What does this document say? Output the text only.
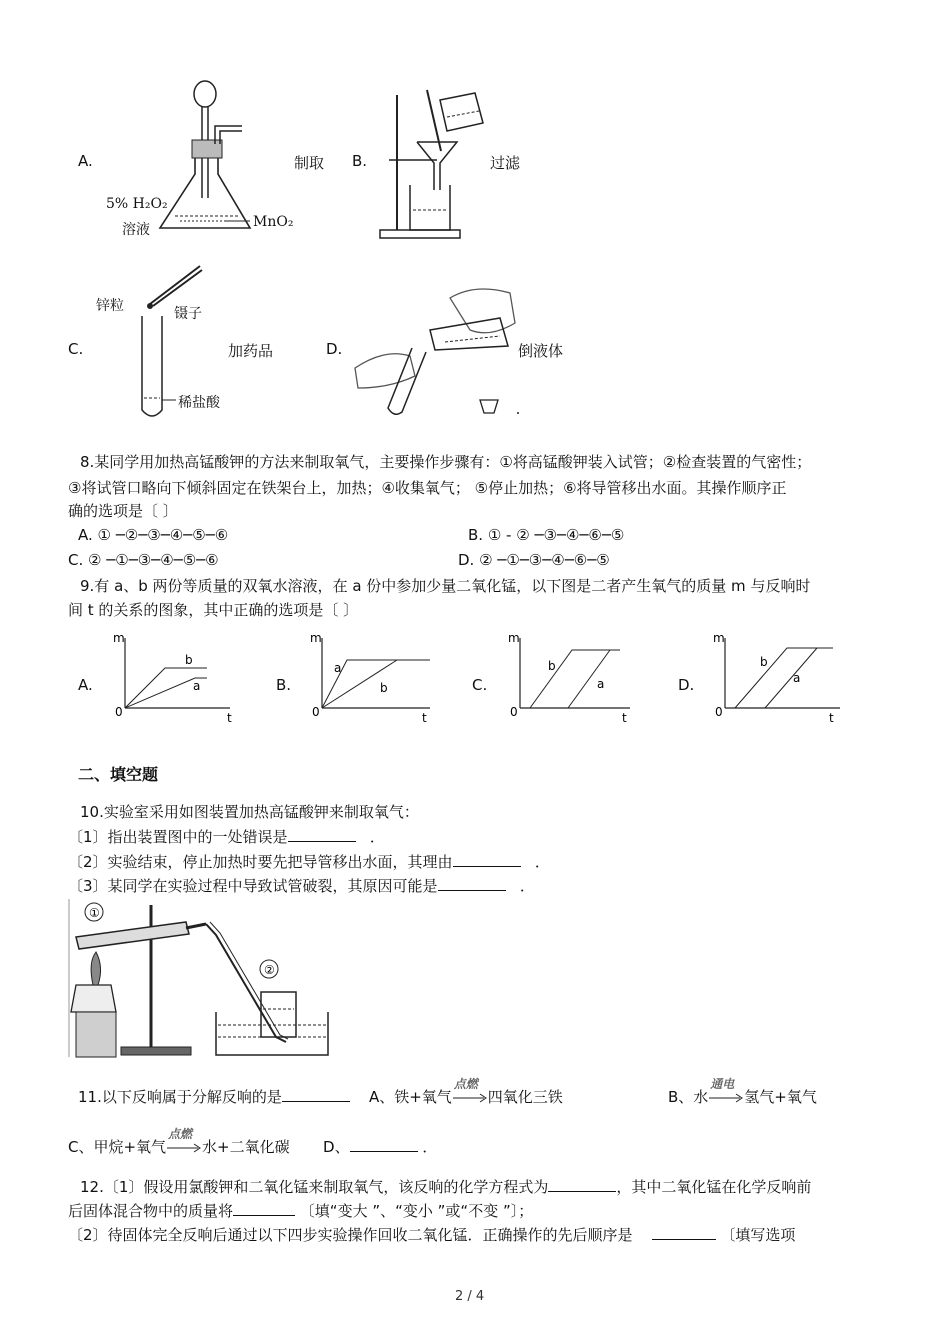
A.
5% H₂O₂
溶液	MnO₂
制取 B.	过滤
C.
锌粒	镊子
稀盐酸
加药品	D.	倒液体
8.某同学用加热高锰酸钾的方法来制取氧气，主要操作步骤有：①将高锰酸钾装入试管；②检查装置的气密性；
③将试管口略向下倾斜固定在铁架台上，加热；④收集氧气； ⑤停止加热；⑥将导管移出水面。其操作顺序正
确的选项是〔 〕
A. ① ─②─③─④─⑤─⑥	B. ① - ② ─③─④─⑥─⑤
C. ② ─①─③─④─⑤─⑥	D. ② ─①─③─④─⑥─⑤
9.有 a、b 两份等质量的双氧水溶液，在 a 份中参加少量二氧化锰，以下图是二者产生氧气的质量 m 与反响时
间 t 的关系的图象，其中正确的选项是〔 〕
A.	B.	C.	D.
m
0	t
b
a
m
0	t
a
b
m
0	t
b
a
m
0	t
b
a
二、填空题
10.实验室采用如图装置加热高锰酸钾来制取氧气：
〔1〕指出装置图中的一处错误是	．
〔2〕实验结束，停止加热时要先把导管移出水面，其理由	．
〔3〕某同学在实验过程中导致试管破裂，其原因可能是	．
①
②
11.以下反响属于分解反响的是	A、铁+氧气
点燃
四氧化三铁	B、水
通电
氢气+氧气
C、甲烷+氧气
点燃
水+二氧化碳 D、	．
12.〔1〕假设用氯酸钾和二氧化锰来制取氧气，该反响的化学方程式为	，其中二氧化锰在化学反响前
后固体混合物中的质量将	〔填“变大 ”、“变小 ”或“不变 ”〕；
〔2〕待固体完全反响后通过以下四步实验操作回收二氧化锰．正确操作的先后顺序是	〔填写选项
2 / 4
